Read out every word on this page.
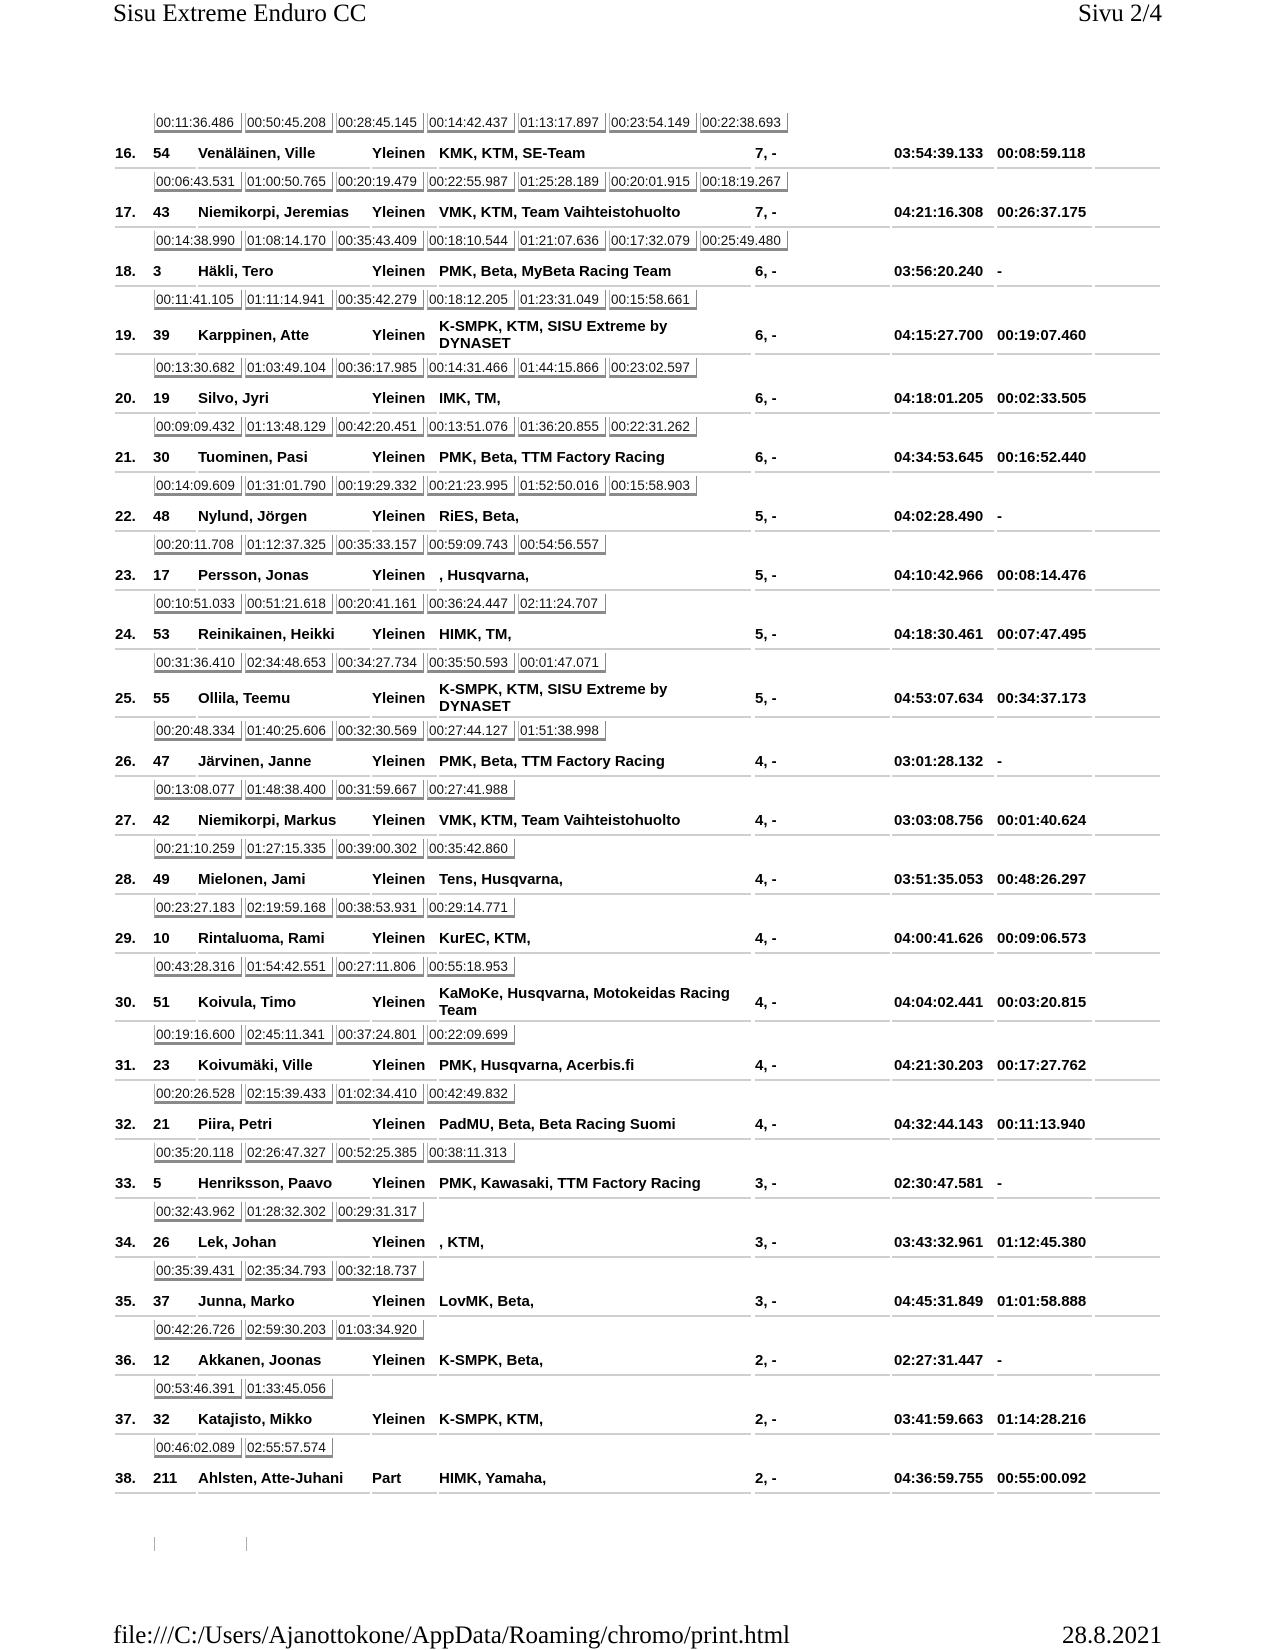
Sisu Extreme Enduro CC	Sivu 2/4
00:11:36.486 00:50:45.208 00:28:45.145 00:14:42.437 01:13:17.897 00:23:54.149 00:22:38.693
16. 54 Venäläinen, Ville	Yleinen KMK, KTM, SE-Team	7, -	03:54:39.133 00:08:59.118
00:06:43.531 01:00:50.765 00:20:19.479 00:22:55.987 01:25:28.189 00:20:01.915 00:18:19.267
17. 43 Niemikorpi, Jeremias Yleinen VMK, KTM, Team Vaihteistohuolto	7, -	04:21:16.308 00:26:37.175
00:14:38.990 01:08:14.170 00:35:43.409 00:18:10.544 01:21:07.636 00:17:32.079 00:25:49.480
18. 3 Häkli, Tero	Yleinen PMK, Beta, MyBeta Racing Team	6, -	03:56:20.240 -
00:11:41.105 01:11:14.941 00:35:42.279 00:18:12.205 01:23:31.049 00:15:58.661
19. 39 Karppinen, Atte	Yleinen K-SMPK, KTM, SISU Extreme by DYNASET	6, -	04:15:27.700 00:19:07.460
00:13:30.682 01:03:49.104 00:36:17.985 00:14:31.466 01:44:15.866 00:23:02.597
20. 19 Silvo, Jyri	Yleinen IMK, TM,	6, -	04:18:01.205 00:02:33.505
00:09:09.432 01:13:48.129 00:42:20.451 00:13:51.076 01:36:20.855 00:22:31.262
21. 30 Tuominen, Pasi	Yleinen PMK, Beta, TTM Factory Racing	6, -	04:34:53.645 00:16:52.440
00:14:09.609 01:31:01.790 00:19:29.332 00:21:23.995 01:52:50.016 00:15:58.903
22. 48 Nylund, Jörgen	Yleinen RiES, Beta,	5, -	04:02:28.490 -
00:20:11.708 01:12:37.325 00:35:33.157 00:59:09.743 00:54:56.557
23. 17 Persson, Jonas	Yleinen , Husqvarna,	5, -	04:10:42.966 00:08:14.476
00:10:51.033 00:51:21.618 00:20:41.161 00:36:24.447 02:11:24.707
24. 53 Reinikainen, Heikki Yleinen HIMK, TM,	5, -	04:18:30.461 00:07:47.495
00:31:36.410 02:34:48.653 00:34:27.734 00:35:50.593 00:01:47.071
25. 55 Ollila, Teemu	Yleinen K-SMPK, KTM, SISU Extreme by DYNASET	5, -	04:53:07.634 00:34:37.173
00:20:48.334 01:40:25.606 00:32:30.569 00:27:44.127 01:51:38.998
26. 47 Järvinen, Janne	Yleinen PMK, Beta, TTM Factory Racing	4, -	03:01:28.132 -
00:13:08.077 01:48:38.400 00:31:59.667 00:27:41.988
27. 42 Niemikorpi, Markus Yleinen VMK, KTM, Team Vaihteistohuolto	4, -	03:03:08.756 00:01:40.624
00:21:10.259 01:27:15.335 00:39:00.302 00:35:42.860
28. 49 Mielonen, Jami	Yleinen Tens, Husqvarna,	4, -	03:51:35.053 00:48:26.297
00:23:27.183 02:19:59.168 00:38:53.931 00:29:14.771
29. 10 Rintaluoma, Rami	Yleinen KurEC, KTM,	4, -	04:00:41.626 00:09:06.573
00:43:28.316 01:54:42.551 00:27:11.806 00:55:18.953
30. 51 Koivula, Timo	Yleinen KaMoKe, Husqvarna, Motokeidas Racing Team	4, -	04:04:02.441 00:03:20.815
00:19:16.600 02:45:11.341 00:37:24.801 00:22:09.699
31. 23 Koivumäki, Ville	Yleinen PMK, Husqvarna, Acerbis.fi	4, -	04:21:30.203 00:17:27.762
00:20:26.528 02:15:39.433 01:02:34.410 00:42:49.832
32. 21 Piira, Petri	Yleinen PadMU, Beta, Beta Racing Suomi	4, -	04:32:44.143 00:11:13.940
00:35:20.118 02:26:47.327 00:52:25.385 00:38:11.313
33. 5 Henriksson, Paavo	Yleinen PMK, Kawasaki, TTM Factory Racing	3, -	02:30:47.581 -
00:32:43.962 01:28:32.302 00:29:31.317
34. 26 Lek, Johan	Yleinen , KTM,	3, -	03:43:32.961 01:12:45.380
00:35:39.431 02:35:34.793 00:32:18.737
35. 37 Junna, Marko	Yleinen LovMK, Beta,	3, -	04:45:31.849 01:01:58.888
00:42:26.726 02:59:30.203 01:03:34.920
36. 12 Akkanen, Joonas	Yleinen K-SMPK, Beta,	2, -	02:27:31.447 -
00:53:46.391 01:33:45.056
37. 32 Katajisto, Mikko	Yleinen K-SMPK, KTM,	2, -	03:41:59.663 01:14:28.216
00:46:02.089 02:55:57.574
38. 211 Ahlsten, Atte-Juhani Part	HIMK, Yamaha,	2, -	04:36:59.755 00:55:00.092
file:///C:/Users/Ajanottokone/AppData/Roaming/chromo/print.html	28.8.2021
